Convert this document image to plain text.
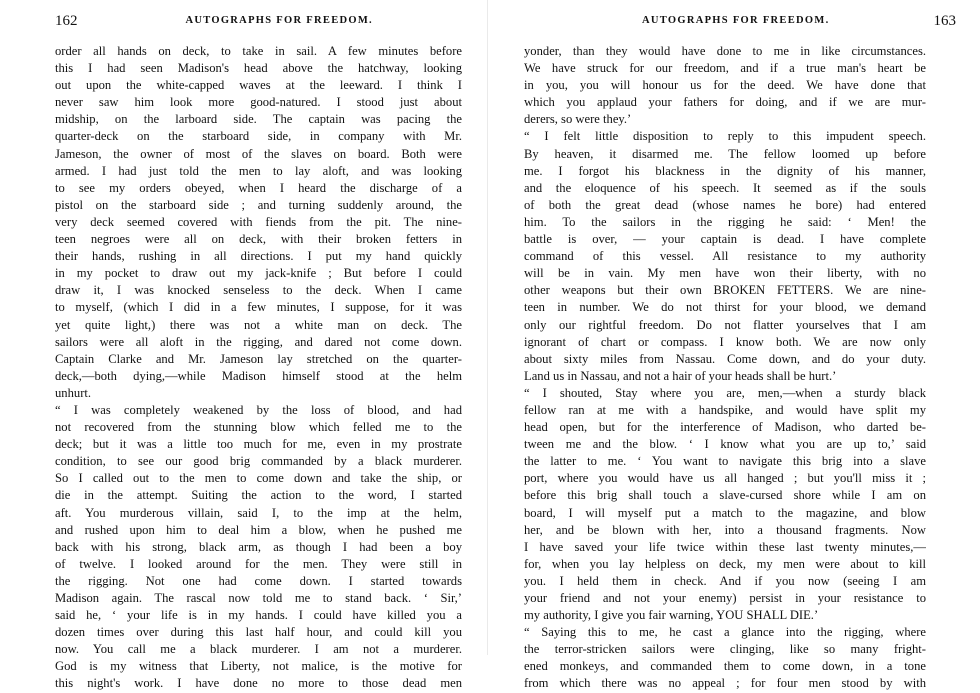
162	AUTOGRAPHS FOR FREEDOM.
order all hands on deck, to take in sail. A few minutes before
this I had seen Madison's head above the hatchway, looking
out upon the white-capped waves at the leeward. I think I
never saw him look more good-natured. I stood just about
midship, on the larboard side. The captain was pacing the
quarter-deck on the starboard side, in company with Mr.
Jameson, the owner of most of the slaves on board. Both were
armed. I had just told the men to lay aloft, and was looking
to see my orders obeyed, when I heard the discharge of a
pistol on the starboard side ; and turning suddenly around, the
very deck seemed covered with fiends from the pit. The nine-
teen negroes were all on deck, with their broken fetters in
their hands, rushing in all directions. I put my hand quickly
in my pocket to draw out my jack-knife ; But before I could
draw it, I was knocked senseless to the deck. When I came
to myself, (which I did in a few minutes, I suppose, for it was
yet quite light,) there was not a white man on deck. The
sailors were all aloft in the rigging, and dared not come down.
Captain Clarke and Mr. Jameson lay stretched on the quarter-
deck,—both dying,—while Madison himself stood at the helm
unhurt.
“ I was completely weakened by the loss of blood, and had
not recovered from the stunning blow which felled me to the
deck; but it was a little too much for me, even in my prostrate
condition, to see our good brig commanded by a black murderer.
So I called out to the men to come down and take the ship, or
die in the attempt. Suiting the action to the word, I started
aft. You murderous villain, said I, to the imp at the helm,
and rushed upon him to deal him a blow, when he pushed me
back with his strong, black arm, as though I had been a boy
of twelve. I looked around for the men. They were still in
the rigging. Not one had come down. I started towards
Madison again. The rascal now told me to stand back. ‘ Sir,’
said he, ‘ your life is in my hands. I could have killed you a
dozen times over during this last half hour, and could kill you
now. You call me a black murderer. I am not a murderer.
God is my witness that Liberty, not malice, is the motive for
this night's work. I have done no more to those dead men
AUTOGRAPHS FOR FREEDOM.	163
yonder, than they would have done to me in like circumstances.
We have struck for our freedom, and if a true man's heart be
in you, you will honour us for the deed. We have done that
which you applaud your fathers for doing, and if we are mur-
derers, so were they.’
“ I felt little disposition to reply to this impudent speech.
By heaven, it disarmed me. The fellow loomed up before
me. I forgot his blackness in the dignity of his manner,
and the eloquence of his speech. It seemed as if the souls
of both the great dead (whose names he bore) had entered
him. To the sailors in the rigging he said: ‘ Men! the
battle is over, — your captain is dead. I have complete
command of this vessel. All resistance to my authority
will be in vain. My men have won their liberty, with no
other weapons but their own BROKEN FETTERS. We are nine-
teen in number. We do not thirst for your blood, we demand
only our rightful freedom. Do not flatter yourselves that I am
ignorant of chart or compass. I know both. We are now only
about sixty miles from Nassau. Come down, and do your duty.
Land us in Nassau, and not a hair of your heads shall be hurt.’
“ I shouted, Stay where you are, men,—when a sturdy black
fellow ran at me with a handspike, and would have split my
head open, but for the interference of Madison, who darted be-
tween me and the blow. ‘ I know what you are up to,’ said
the latter to me. ‘ You want to navigate this brig into a slave
port, where you would have us all hanged ; but you'll miss it ;
before this brig shall touch a slave-cursed shore while I am on
board, I will myself put a match to the magazine, and blow
her, and be blown with her, into a thousand fragments. Now
I have saved your life twice within these last twenty minutes,—
for, when you lay helpless on deck, my men were about to kill
you. I held them in check. And if you now (seeing I am
your friend and not your enemy) persist in your resistance to
my authority, I give you fair warning, YOU SHALL DIE.’
“ Saying this to me, he cast a glance into the rigging, where
the terror-stricken sailors were clinging, like so many fright-
ened monkeys, and commanded them to come down, in a tone
from which there was no appeal ; for four men stood by with
